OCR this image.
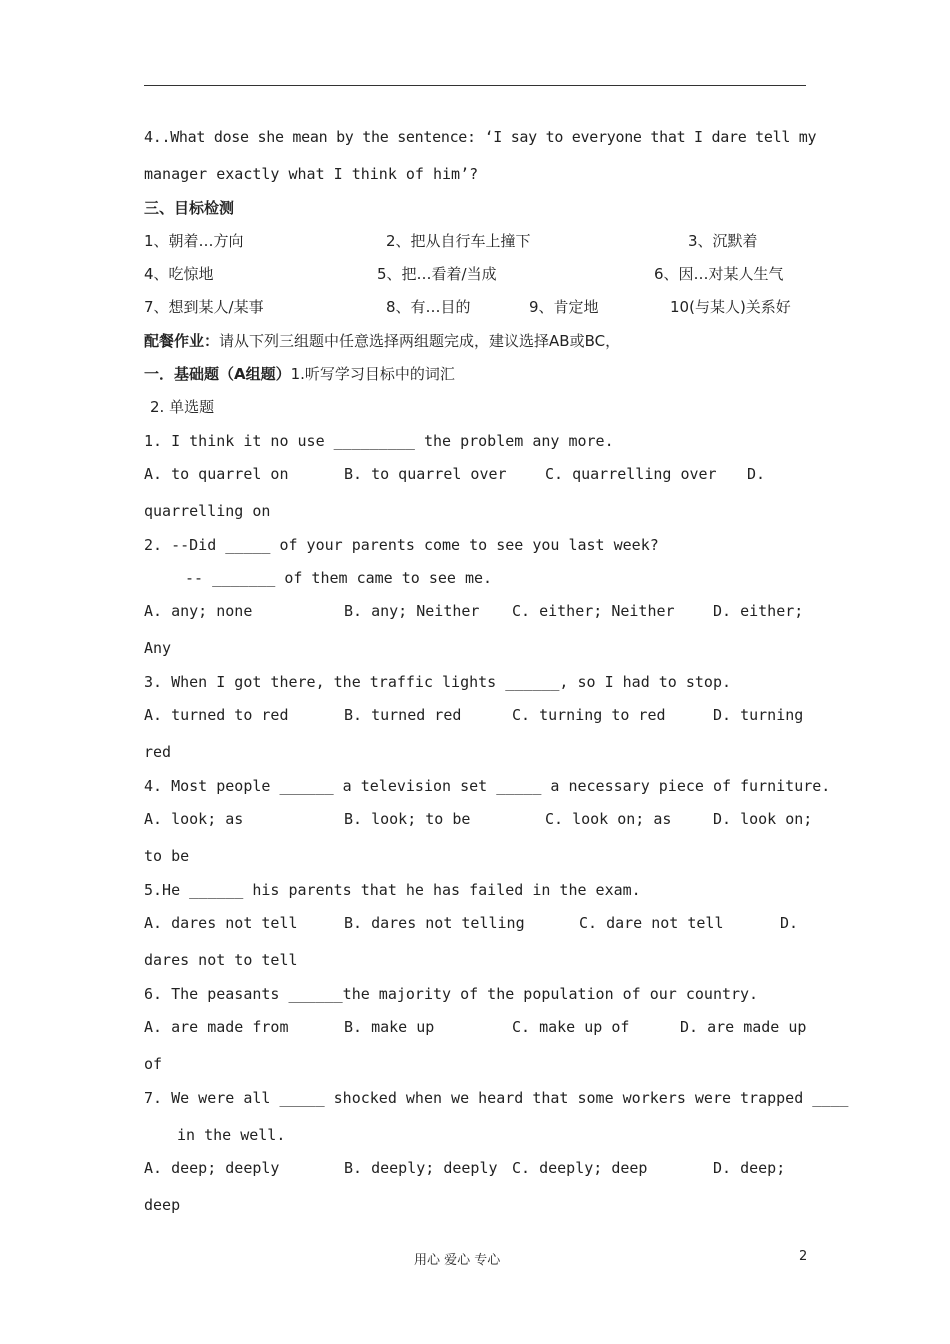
4..What dose she mean by the sentence: ‘I say to everyone that I dare tell my
manager exactly what I think of him’?
三、目标检测
1、朝着…方向	2、把从自行车上撞下	3、沉默着
4、吃惊地	5、把…看着/当成	6、因…对某人生气
7、想到某人/某事	8、有…目的	9、肯定地	10(与某人)关系好
配餐作业：请从下列三组题中任意选择两组题完成，建议选择AB或BC，
一．基础题（A组题）1.听写学习目标中的词汇
2. 单选题
1. I think it no use _________ the problem any more.
A. to quarrel on	B. to quarrel over	C. quarrelling over D.
quarrelling on
2. --Did _____ of your parents come to see you last week?
-- _______ of them came to see me.
A. any; none	B. any; Neither C. either; Neither	D. either;
Any
3. When I got there, the traffic lights ______, so I had to stop.
A. turned to red	B. turned red	C. turning to red	D. turning
red
4. Most people ______ a television set _____ a necessary piece of furniture.
A. look; as	B. look; to be	C. look on; as	D. look on;
to be
5.He ______ his parents that he has failed in the exam.
A. dares not tell	B. dares not telling	C. dare not tell	D.
dares not to tell
6. The peasants ______the majority of the population of our country.
A. are made from	B. make up	C. make up of	D. are made up
of
7. We were all _____ shocked when we heard that some workers were trapped ____
in the well.
A. deep; deeply	B. deeply; deeply C. deeply; deep	D. deep;
deep
用心 爱心 专心	2
